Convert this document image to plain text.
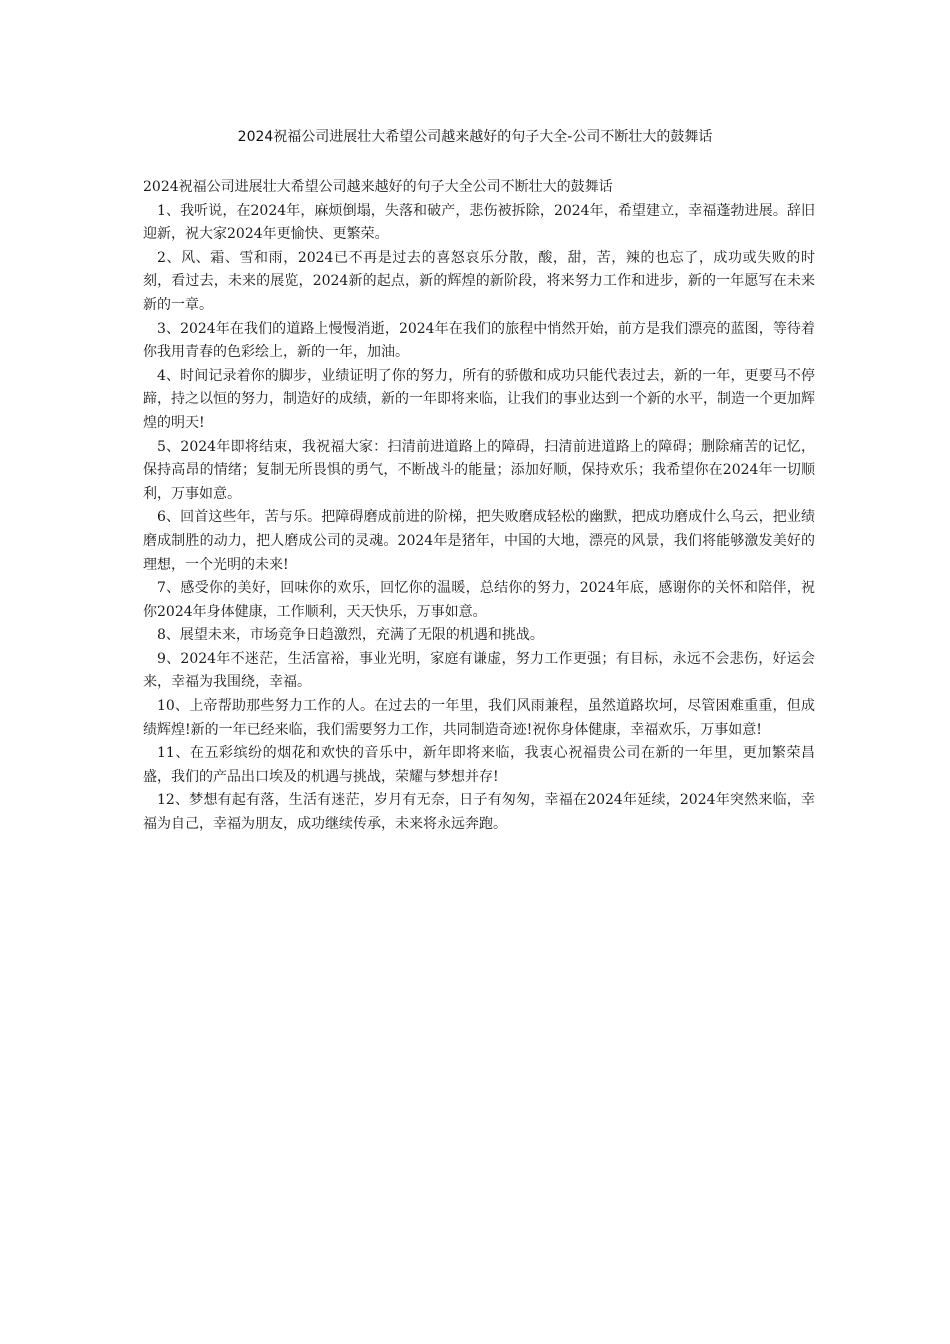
2024祝福公司进展壮大希望公司越来越好的句子大全-公司不断壮大的鼓舞话

2024祝福公司进展壮大希望公司越来越好的句子大全公司不断壮大的鼓舞话

1、我听说，在2024年，麻烦倒塌，失落和破产，悲伤被拆除，2024年，希望建立，幸福蓬勃进展。辞旧迎新，祝大家2024年更愉快、更繁荣。

2、风、霜、雪和雨，2024已不再是过去的喜怒哀乐分散，酸，甜，苦，辣的也忘了，成功或失败的时刻，看过去，未来的展览，2024新的起点，新的辉煌的新阶段，将来努力工作和进步，新的一年愿写在未来新的一章。

3、2024年在我们的道路上慢慢消逝，2024年在我们的旅程中悄然开始，前方是我们漂亮的蓝图，等待着你我用青春的色彩绘上，新的一年，加油。

4、时间记录着你的脚步，业绩证明了你的努力，所有的骄傲和成功只能代表过去，新的一年，更要马不停蹄，持之以恒的努力，制造好的成绩，新的一年即将来临，让我们的事业达到一个新的水平，制造一个更加辉煌的明天!

5、2024年即将结束，我祝福大家：扫清前进道路上的障碍，扫清前进道路上的障碍；删除痛苦的记忆，保持高昂的情绪；复制无所畏惧的勇气，不断战斗的能量；添加好顺，保持欢乐；我希望你在2024年一切顺利，万事如意。

6、回首这些年，苦与乐。把障碍磨成前进的阶梯，把失败磨成轻松的幽默，把成功磨成什么乌云，把业绩磨成制胜的动力，把人磨成公司的灵魂。2024年是猪年，中国的大地，漂亮的风景，我们将能够激发美好的理想，一个光明的未来!

7、感受你的美好，回味你的欢乐，回忆你的温暖，总结你的努力，2024年底，感谢你的关怀和陪伴，祝你2024年身体健康，工作顺利，天天快乐，万事如意。

8、展望未来，市场竞争日趋激烈，充满了无限的机遇和挑战。

9、2024年不迷茫，生活富裕，事业光明，家庭有谦虚，努力工作更强；有目标，永远不会悲伤，好运会来，幸福为我围绕，幸福。

10、上帝帮助那些努力工作的人。在过去的一年里，我们风雨兼程，虽然道路坎坷，尽管困难重重，但成绩辉煌!新的一年已经来临，我们需要努力工作，共同制造奇迹!祝你身体健康，幸福欢乐，万事如意!

11、在五彩缤纷的烟花和欢快的音乐中，新年即将来临，我衷心祝福贵公司在新的一年里，更加繁荣昌盛，我们的产品出口埃及的机遇与挑战，荣耀与梦想并存!

12、梦想有起有落，生活有迷茫，岁月有无奈，日子有匆匆，幸福在2024年延续，2024年突然来临，幸福为自己，幸福为朋友，成功继续传承，未来将永远奔跑。
